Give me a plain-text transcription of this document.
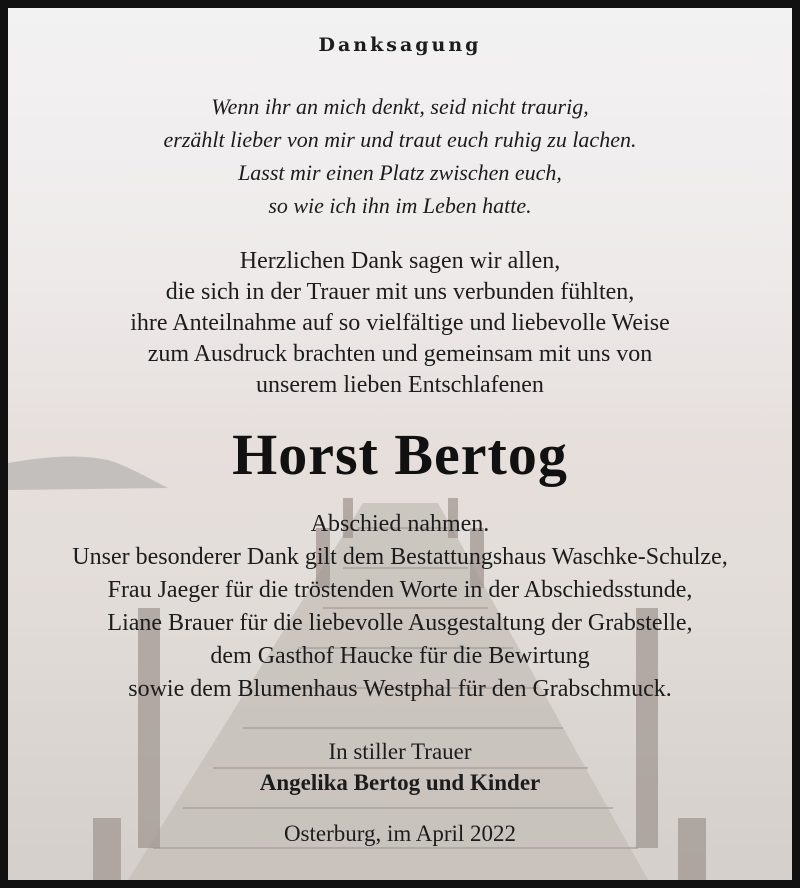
Danksagung
Wenn ihr an mich denkt, seid nicht traurig,
erzählt lieber von mir und traut euch ruhig zu lachen.
Lasst mir einen Platz zwischen euch,
so wie ich ihn im Leben hatte.
Herzlichen Dank sagen wir allen,
die sich in der Trauer mit uns verbunden fühlten,
ihre Anteilnahme auf so vielfältige und liebevolle Weise
zum Ausdruck brachten und gemeinsam mit uns von
unserem lieben Entschlafenen
Horst Bertog
Abschied nahmen.
Unser besonderer Dank gilt dem Bestattungshaus Waschke-Schulze,
Frau Jaeger für die tröstenden Worte in der Abschiedsstunde,
Liane Brauer für die liebevolle Ausgestaltung der Grabstelle,
dem Gasthof Haucke für die Bewirtung
sowie dem Blumenhaus Westphal für den Grabschmuck.
In stiller Trauer
Angelika Bertog und Kinder
Osterburg, im April 2022
